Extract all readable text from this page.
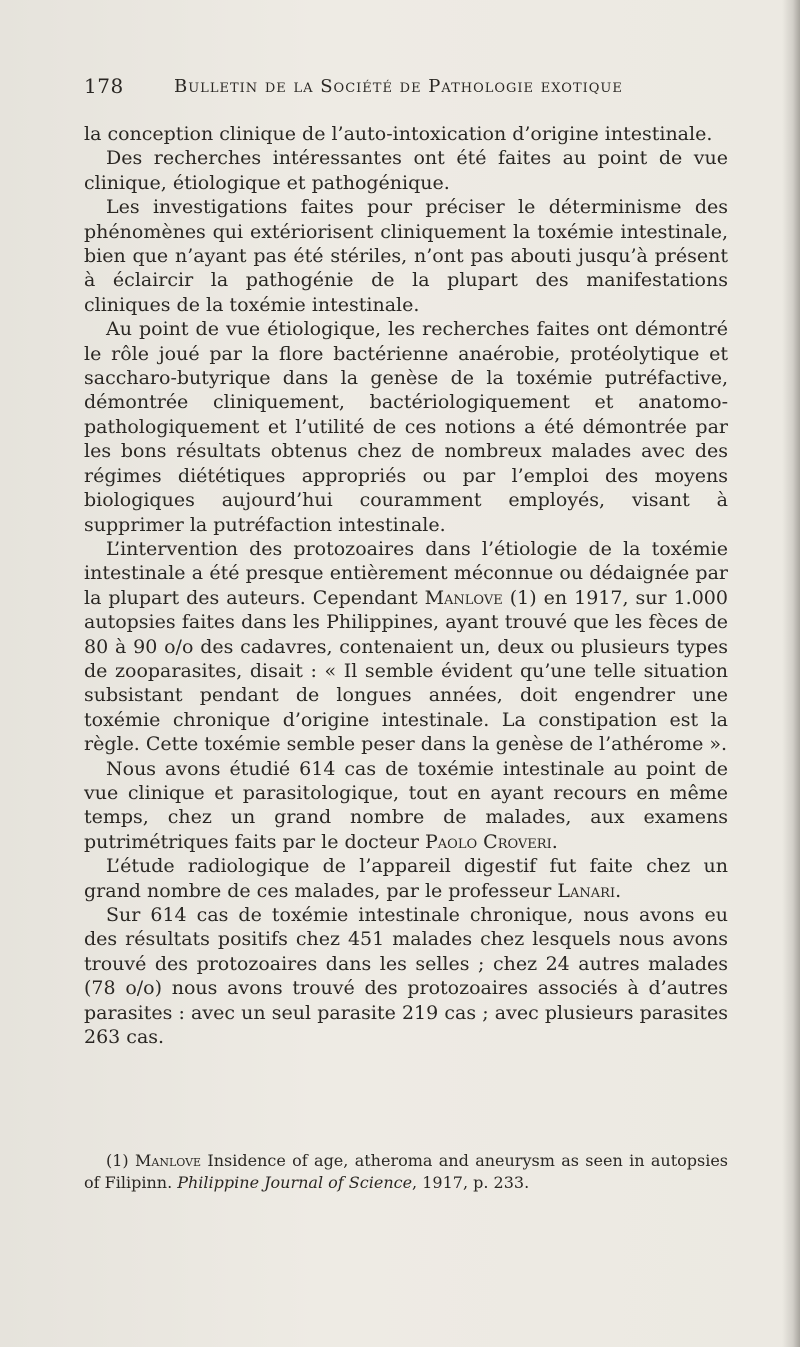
178	Bulletin de la Société de Pathologie exotique

la conception clinique de l’auto-intoxication d’origine intestinale.

Des recherches intéressantes ont été faites au point de vue clinique, étiologique et pathogénique.

Les investigations faites pour préciser le déterminisme des phénomènes qui extériorisent cliniquement la toxémie intestinale, bien que n’ayant pas été stériles, n’ont pas abouti jusqu’à présent à éclaircir la pathogénie de la plupart des manifestations cliniques de la toxémie intestinale.

Au point de vue étiologique, les recherches faites ont démontré le rôle joué par la flore bactérienne anaérobie, protéolytique et saccharo-butyrique dans la genèse de la toxémie putréfactive, démontrée cliniquement, bactériologiquement et anatomo-pathologiquement et l’utilité de ces notions a été démontrée par les bons résultats obtenus chez de nombreux malades avec des régimes diététiques appropriés ou par l’emploi des moyens biologiques aujourd’hui couramment employés, visant à supprimer la putréfaction intestinale.

L’intervention des protozoaires dans l’étiologie de la toxémie intestinale a été presque entièrement méconnue ou dédaignée par la plupart des auteurs. Cependant Manlove (1) en 1917, sur 1.000 autopsies faites dans les Philippines, ayant trouvé que les fèces de 80 à 90 o/o des cadavres, contenaient un, deux ou plusieurs types de zooparasites, disait : « Il semble évident qu’une telle situation subsistant pendant de longues années, doit engendrer une toxémie chronique d’origine intestinale. La constipation est la règle. Cette toxémie semble peser dans la genèse de l’athérome ».

Nous avons étudié 614 cas de toxémie intestinale au point de vue clinique et parasitologique, tout en ayant recours en même temps, chez un grand nombre de malades, aux examens putrimétriques faits par le docteur Paolo Croveri.

L’étude radiologique de l’appareil digestif fut faite chez un grand nombre de ces malades, par le professeur Lanari.

Sur 614 cas de toxémie intestinale chronique, nous avons eu des résultats positifs chez 451 malades chez lesquels nous avons trouvé des protozoaires dans les selles ; chez 24 autres malades (78 o/o) nous avons trouvé des protozoaires associés à d’autres parasites : avec un seul parasite 219 cas ; avec plusieurs parasites 263 cas.

(1) Manlove Insidence of age, atheroma and aneurysm as seen in autopsies of Filipinn. Philippine Journal of Science, 1917, p. 233.
